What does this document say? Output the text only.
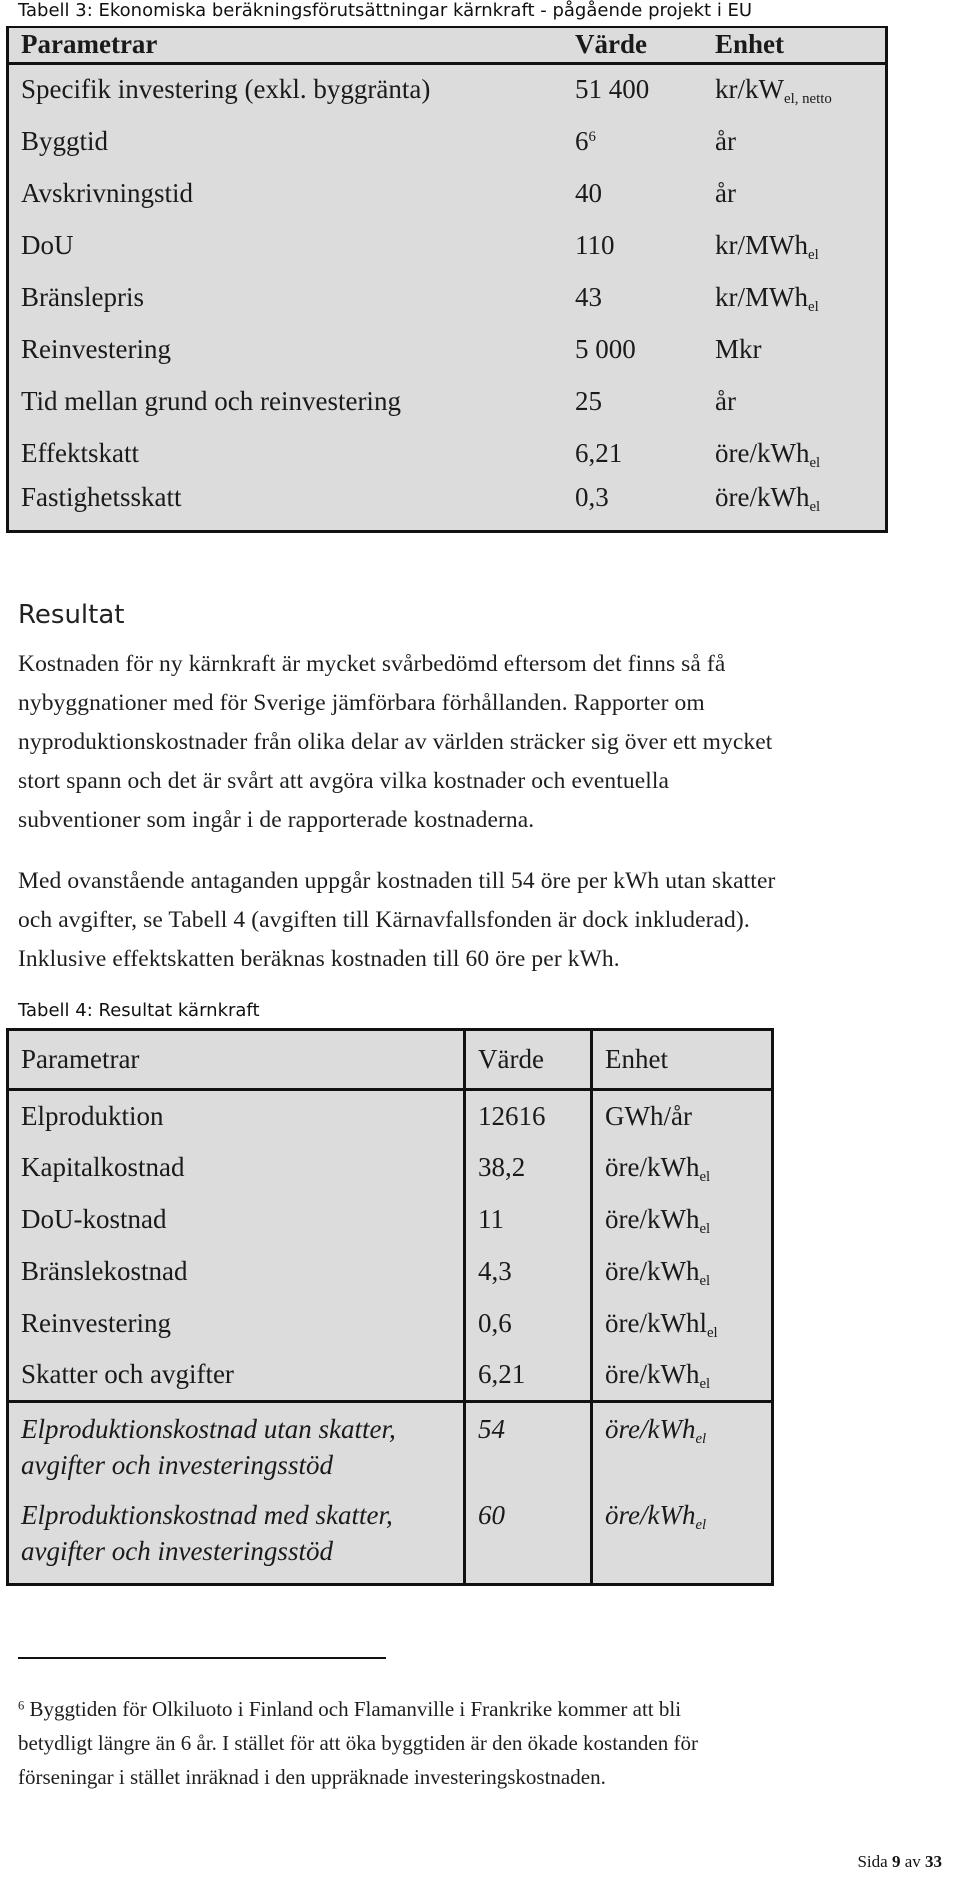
Tabell 3: Ekonomiska beräkningsförutsättningar kärnkraft - pågående projekt i EU
Parametrar	Värde	Enhet
Specifik investering (exkl. byggränta)	51 400	$kr/kW_{el, netto}$
Byggtid	$6^6$	år
Avskrivningstid	40	år
DoU	110	kr/MWh$_{el}$
Bränslepris	43	kr/MWh$_{el}$
Reinvestering	5 000	Mkr
Tid mellan grund och reinvestering	25	år
Effektskatt	6,21	öre/kWh$_{el}$
Fastighetsskatt	0,3	öre/kWh$_{el}$
Resultat
Kostnaden för ny kärnkraft är mycket svårbedömd eftersom det finns så få
nybyggnationer med för Sverige jämförbara förhållanden. Rapporter om
nyproduktionskostnader från olika delar av världen sträcker sig över ett mycket
stort spann och det är svårt att avgöra vilka kostnader och eventuella
subventioner som ingår i de rapporterade kostnaderna.
Med ovanstående antaganden uppgår kostnaden till 54 öre per kWh utan skatter
och avgifter, se Tabell 4 (avgiften till Kärnavfallsfonden är dock inkluderad).
Inklusive effektskatten beräknas kostnaden till 60 öre per kWh.
Tabell 4: Resultat kärnkraft
Parametrar	Värde	Enhet
Elproduktion	12616	GWh/år
Kapitalkostnad	38,2	öre/kWh$_{el}$
DoU-kostnad	11	öre/kWh$_{el}$
Bränslekostnad	4,3	öre/kWh$_{el}$
Reinvestering	0,6	öre/kWhl$_{el}$
Skatter och avgifter	6,21	öre/kWh$_{el}$

Elproduktionskostnad utan skatter,
avgifter och investeringsstöd	54	öre/kWh$_{el}$

Elproduktionskostnad med skatter,
avgifter och investeringsstöd	60	öre/kWh$_{el}$
$^6$ Byggtiden för Olkiluoto i Finland och Flamanville i Frankrike kommer att bli
betydligt längre än 6 år. I stället för att öka byggtiden är den ökade kostanden för
förseningar i stället inräknad i den uppräknade investeringskostnaden.
Sida 9 av 33
